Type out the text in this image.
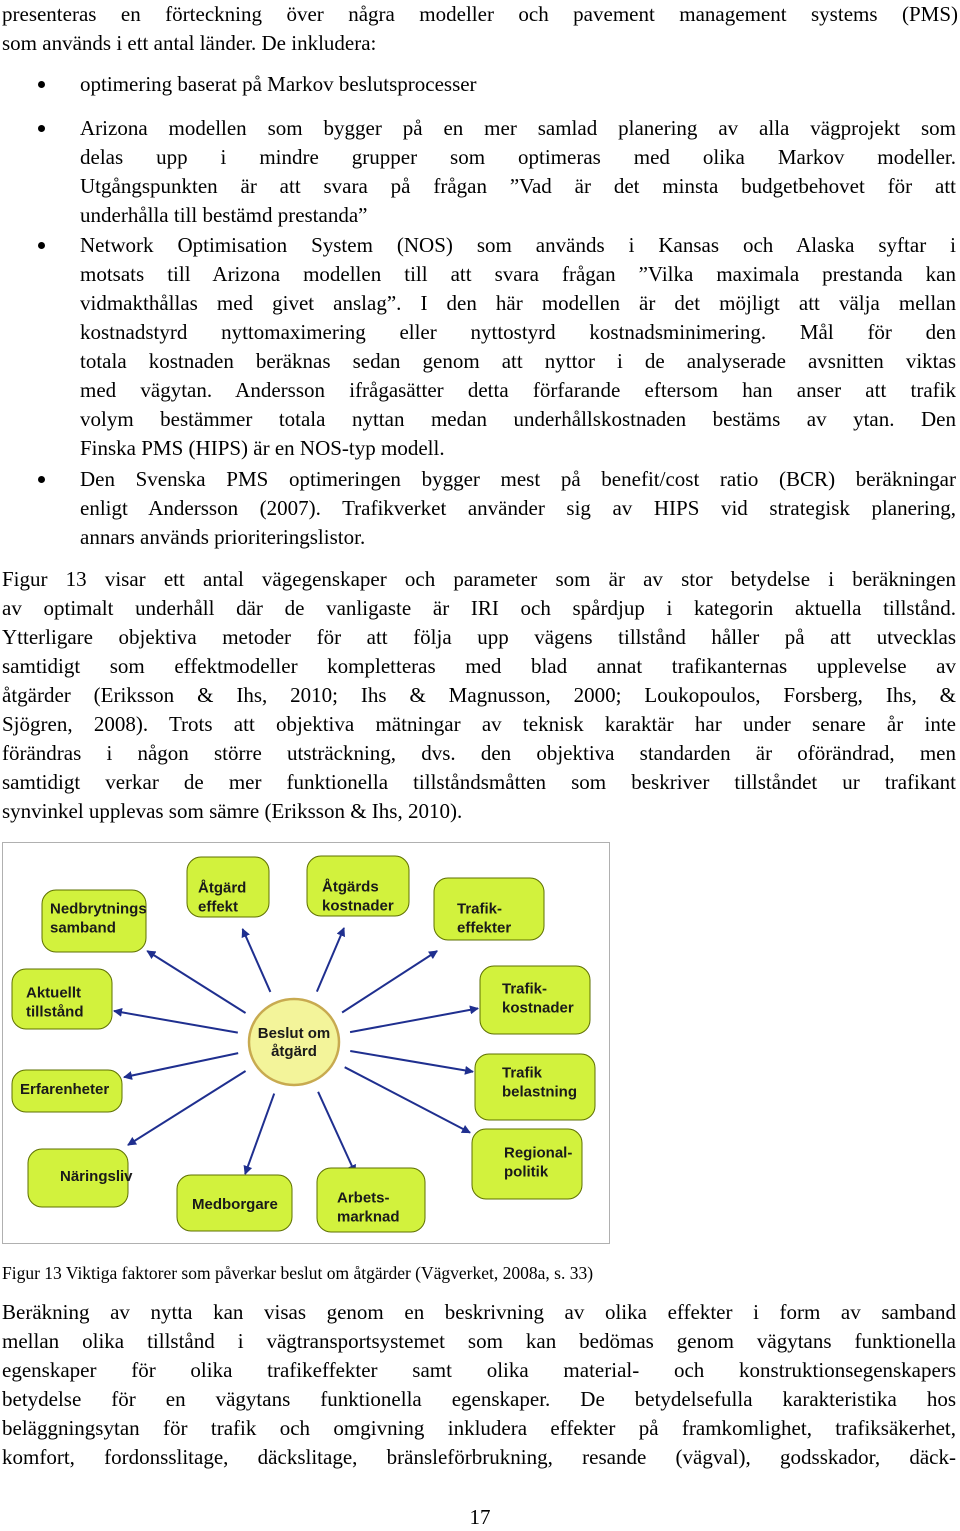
presenteras en förteckning över några modeller och pavement management systems (PMS)
som används i ett antal länder. De inkludera:
optimering baserat på Markov beslutsprocesser
Arizona modellen som bygger på en mer samlad planering av alla vägprojekt som
delas upp i mindre grupper som optimeras med olika Markov modeller.
Utgångspunkten är att svara på frågan ”Vad är det minsta budgetbehovet för att
underhålla till bestämd prestanda”
Network Optimisation System (NOS) som används i Kansas och Alaska syftar i
motsats till Arizona modellen till att svara frågan ”Vilka maximala prestanda kan
vidmakthållas med givet anslag”. I den här modellen är det möjligt att välja mellan
kostnadstyrd nyttomaximering eller nyttostyrd kostnadsminimering. Mål för den
totala kostnaden beräknas sedan genom att nyttor i de analyserade avsnitten viktas
med vägytan. Andersson ifrågasätter detta förfarande eftersom han anser att trafik
volym bestämmer totala nyttan medan underhållskostnaden bestäms av ytan. Den
Finska PMS (HIPS) är en NOS-typ modell.
Den Svenska PMS optimeringen bygger mest på benefit/cost ratio (BCR) beräkningar
enligt Andersson (2007). Trafikverket använder sig av HIPS vid strategisk planering,
annars används prioriteringslistor.
Figur 13 visar ett antal vägegenskaper och parameter som är av stor betydelse i beräkningen
av optimalt underhåll där de vanligaste är IRI och spårdjup i kategorin aktuella tillstånd.
Ytterligare objektiva metoder för att följa upp vägens tillstånd håller på att utvecklas
samtidigt som effektmodeller kompletteras med blad annat trafikanternas upplevelse av
åtgärder (Eriksson & Ihs, 2010; Ihs & Magnusson, 2000; Loukopoulos, Forsberg, Ihs, &
Sjögren, 2008). Trots att objektiva mätningar av teknisk karaktär har under senare år inte
förändras i någon större utsträckning, dvs. den objektiva standarden är oförändrad, men
samtidigt verkar de mer funktionella tillståndsmåtten som beskriver tillståndet ur trafikant
synvinkel upplevas som sämre (Eriksson & Ihs, 2010).
Nedbrytnings
samband
Åtgärd
effekt
Åtgärds
kostnader	Trafik-
effekter
Aktuellt
tillstånd
Trafik-
kostnader
Erfarenheter
Trafik
belastning
Näringsliv
Regional-
politik
Medborgare	Arbets-
marknad
Beslut om
åtgärd
Figur 13 Viktiga faktorer som påverkar beslut om åtgärder (Vägverket, 2008a, s. 33)
Beräkning av nytta kan visas genom en beskrivning av olika effekter i form av samband
mellan olika tillstånd i vägtransportsystemet som kan bedömas genom vägytans funktionella
egenskaper för olika trafikeffekter samt olika material- och konstruktionsegenskapers
betydelse för en vägytans funktionella egenskaper. De betydelsefulla karakteristika hos
beläggningsytan för trafik och omgivning inkludera effekter på framkomlighet, trafiksäkerhet,
komfort, fordonsslitage, däckslitage, bränsleförbrukning, resande (vägval), godsskador, däck-
17
